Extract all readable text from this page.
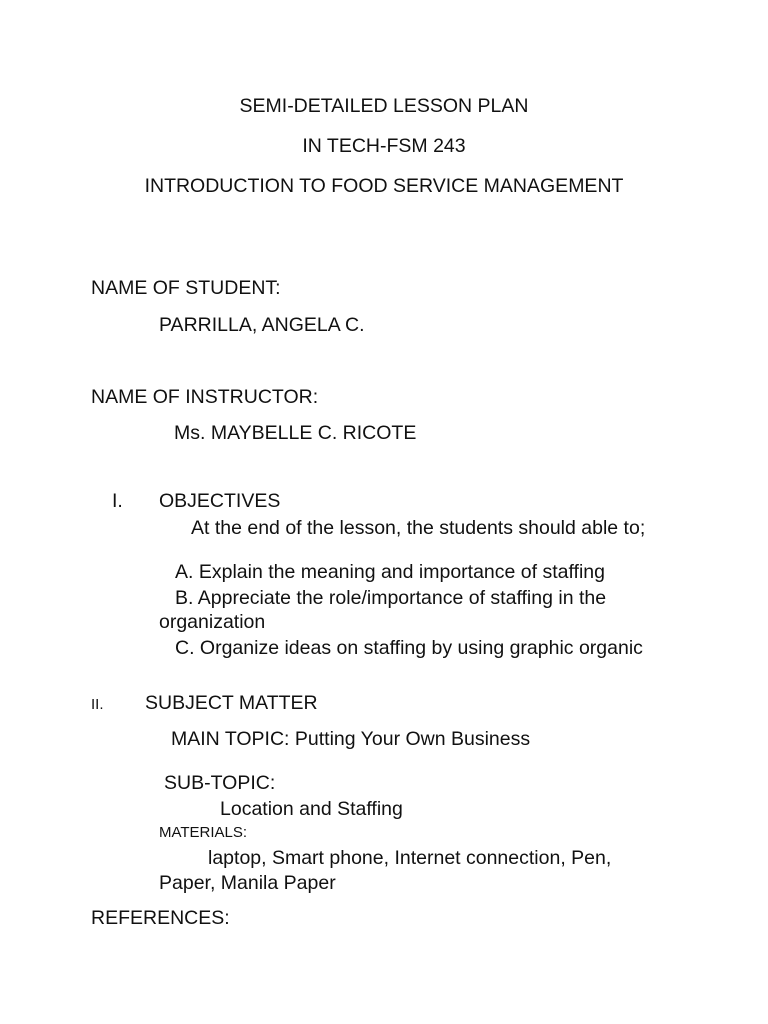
SEMI-DETAILED LESSON PLAN
IN TECH-FSM 243
INTRODUCTION TO FOOD SERVICE MANAGEMENT
NAME OF STUDENT:
PARRILLA, ANGELA C.
NAME OF INSTRUCTOR:
Ms. MAYBELLE C. RICOTE
I. OBJECTIVES
At the end of the lesson, the students should able to;
A. Explain the meaning and importance of staffing
B. Appreciate the role/importance of staffing in the
organization
C. Organize ideas on staffing by using graphic organic
II. SUBJECT MATTER
MAIN TOPIC: Putting Your Own Business
SUB-TOPIC:
Location and Staffing
MATERIALS:
laptop, Smart phone, Internet connection, Pen,
Paper, Manila Paper
REFERENCES:
